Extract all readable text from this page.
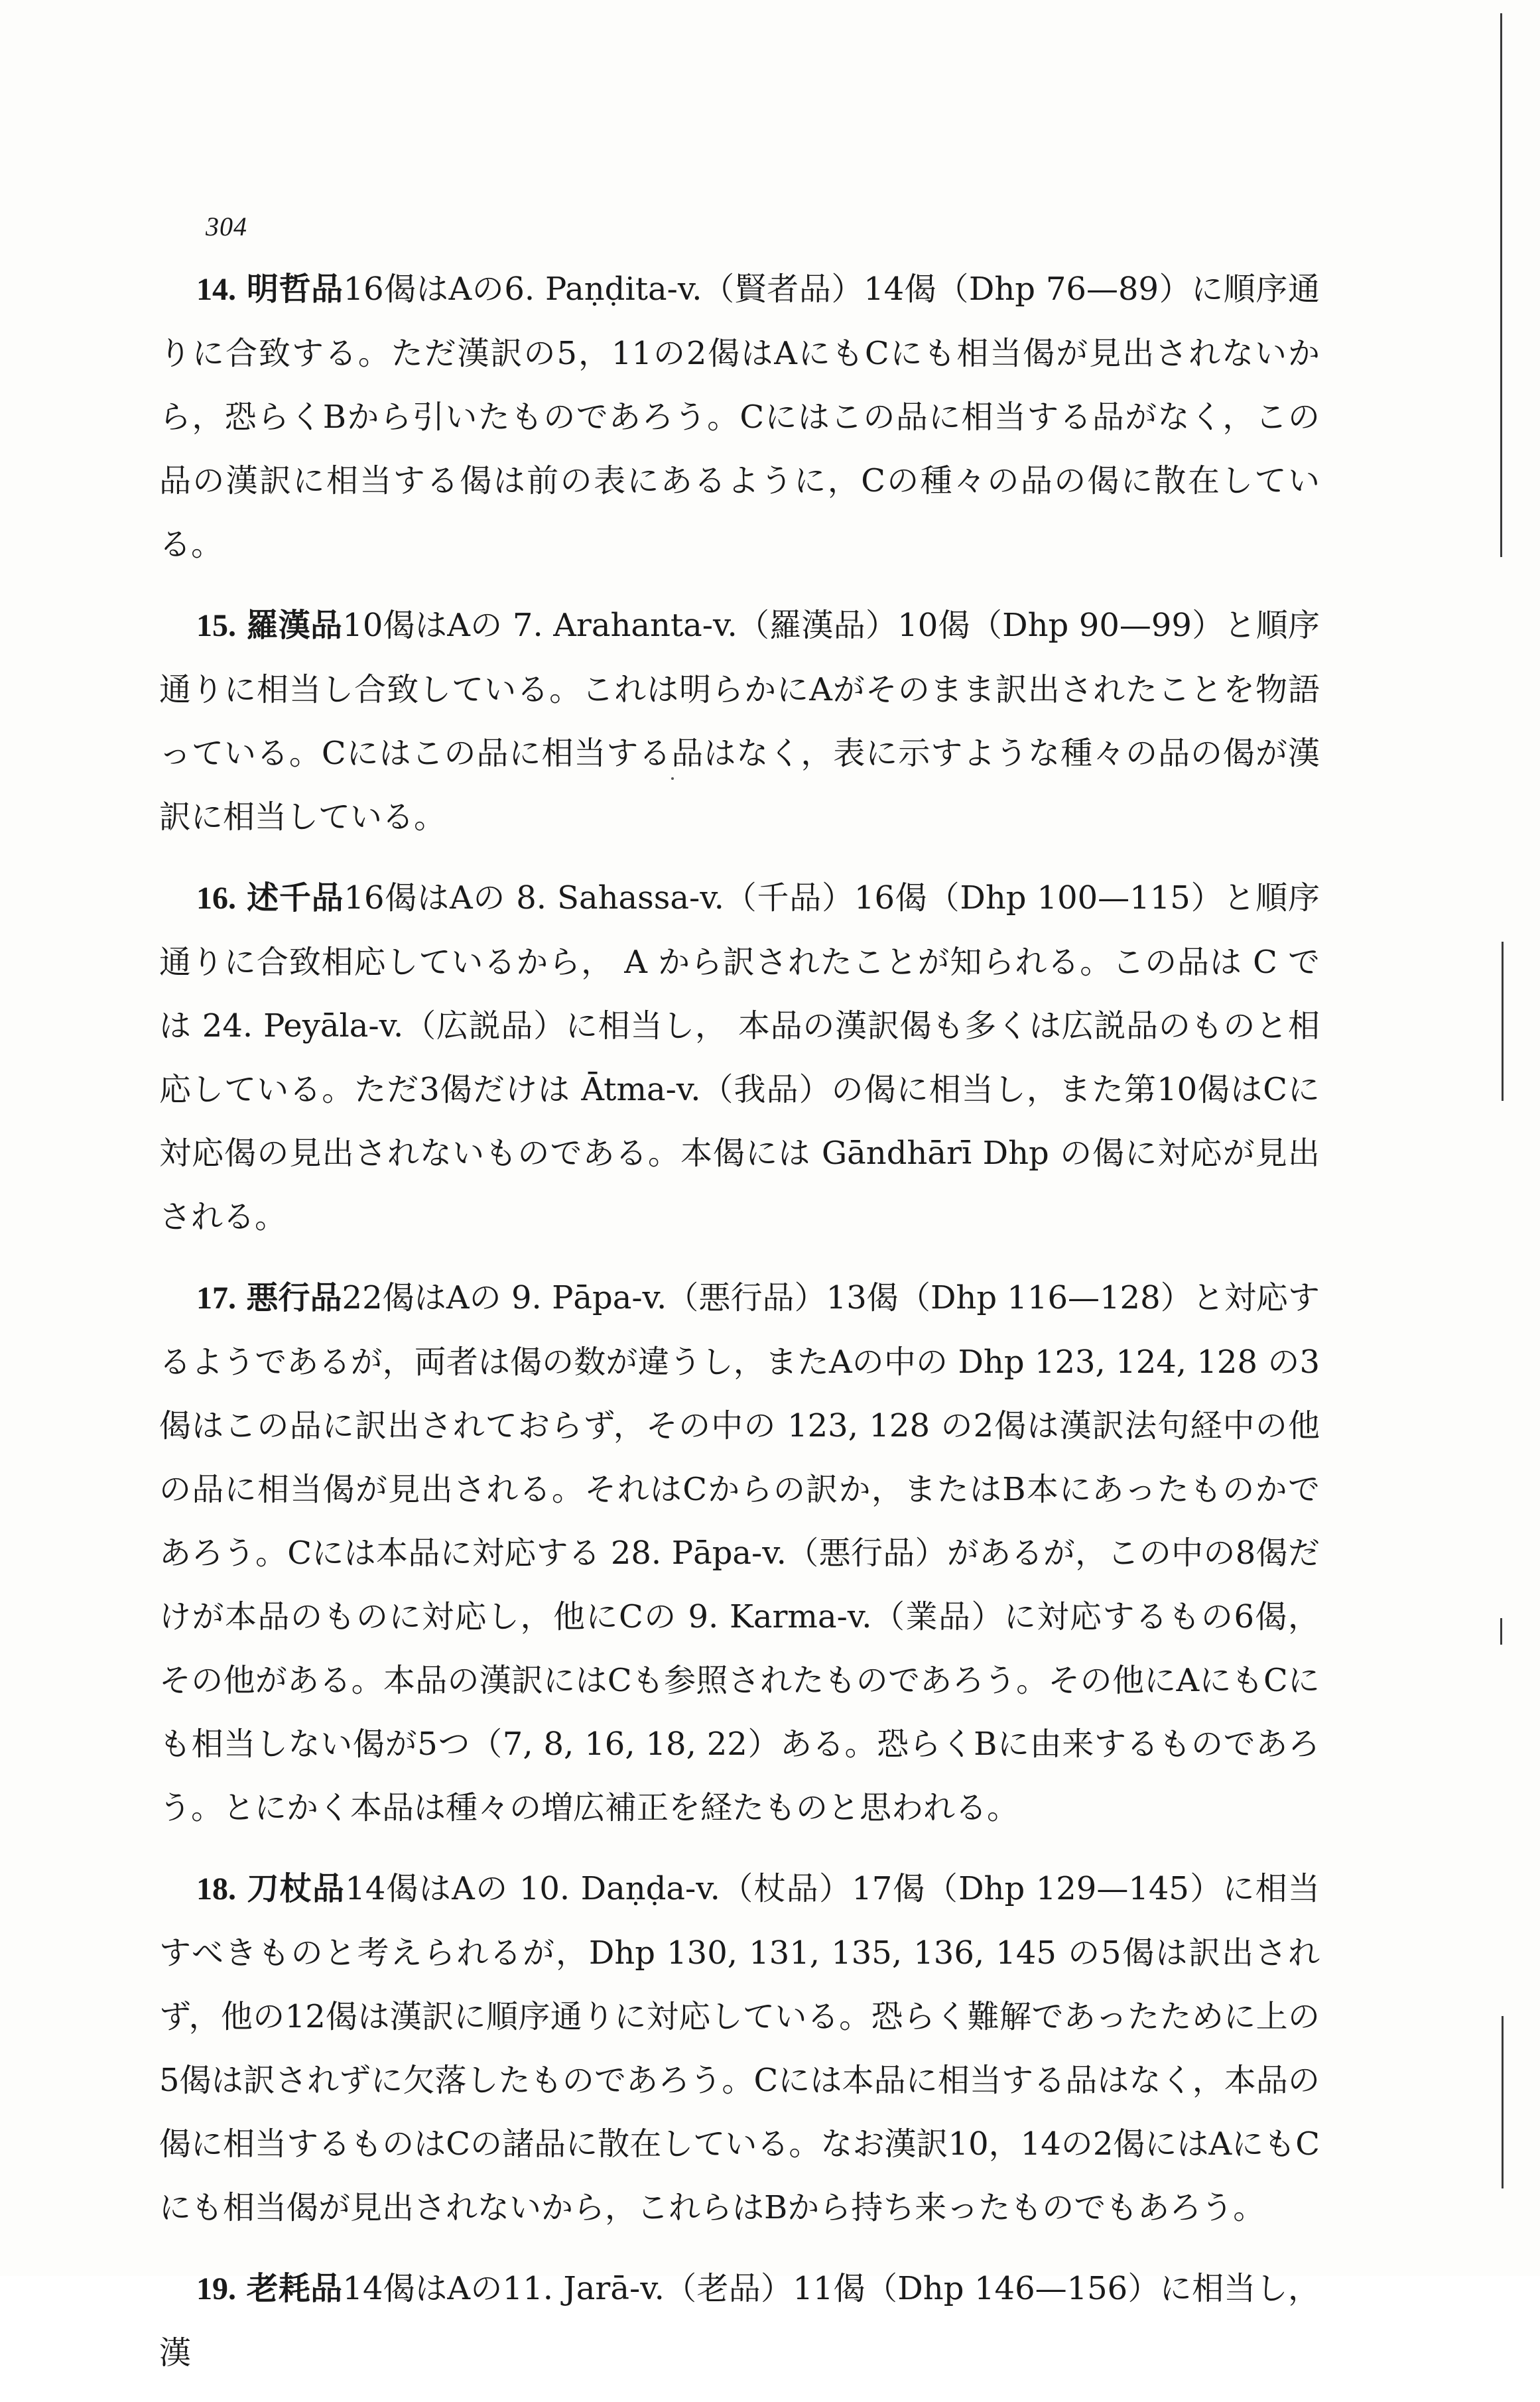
304

14. 明哲品16偈はAの6. Paṇḍita-v.（賢者品）14偈（Dhp 76—89）に順序通りに合致する。ただ漢訳の5，11の2偈はAにもCにも相当偈が見出されないから，恐らくBから引いたものであろう。Cにはこの品に相当する品がなく，この品の漢訳に相当する偈は前の表にあるように，Cの種々の品の偈に散在している。

15. 羅漢品10偈はAの 7. Arahanta-v.（羅漢品）10偈（Dhp 90—99）と順序通りに相当し合致している。これは明らかにAがそのまま訳出されたことを物語っている。Cにはこの品に相当する品はなく，表に示すような種々の品の偈が漢訳に相当している。

16. 述千品16偈はAの 8. Sahassa-v.（千品）16偈（Dhp 100—115）と順序通りに合致相応しているから， A から訳されたことが知られる。この品は C では 24. Peyāla-v.（広説品）に相当し， 本品の漢訳偈も多くは広説品のものと相応している。ただ3偈だけは Ātma-v.（我品）の偈に相当し，また第10偈はCに対応偈の見出されないものである。本偈には Gāndhārī Dhp の偈に対応が見出される。

17. 悪行品22偈はAの 9. Pāpa-v.（悪行品）13偈（Dhp 116—128）と対応するようであるが，両者は偈の数が違うし，またAの中の Dhp 123, 124, 128 の3偈はこの品に訳出されておらず，その中の 123, 128 の2偈は漢訳法句経中の他の品に相当偈が見出される。それはCからの訳か，またはB本にあったものかであろう。Cには本品に対応する 28. Pāpa-v.（悪行品）があるが，この中の8偈だけが本品のものに対応し，他にCの 9. Karma-v.（業品）に対応するもの6偈，その他がある。本品の漢訳にはCも参照されたものであろう。その他にAにもCにも相当しない偈が5つ（7, 8, 16, 18, 22）ある。恐らくBに由来するものであろう。とにかく本品は種々の増広補正を経たものと思われる。

18. 刀杖品14偈はAの 10. Daṇḍa-v.（杖品）17偈（Dhp 129—145）に相当すべきものと考えられるが，Dhp 130, 131, 135, 136, 145 の5偈は訳出されず，他の12偈は漢訳に順序通りに対応している。恐らく難解であったために上の5偈は訳されずに欠落したものであろう。Cには本品に相当する品はなく，本品の偈に相当するものはCの諸品に散在している。なお漢訳10，14の2偈にはAにもCにも相当偈が見出されないから，これらはBから持ち来ったものでもあろう。

19. 老耗品14偈はAの11. Jarā-v.（老品）11偈（Dhp 146—156）に相当し，漢
